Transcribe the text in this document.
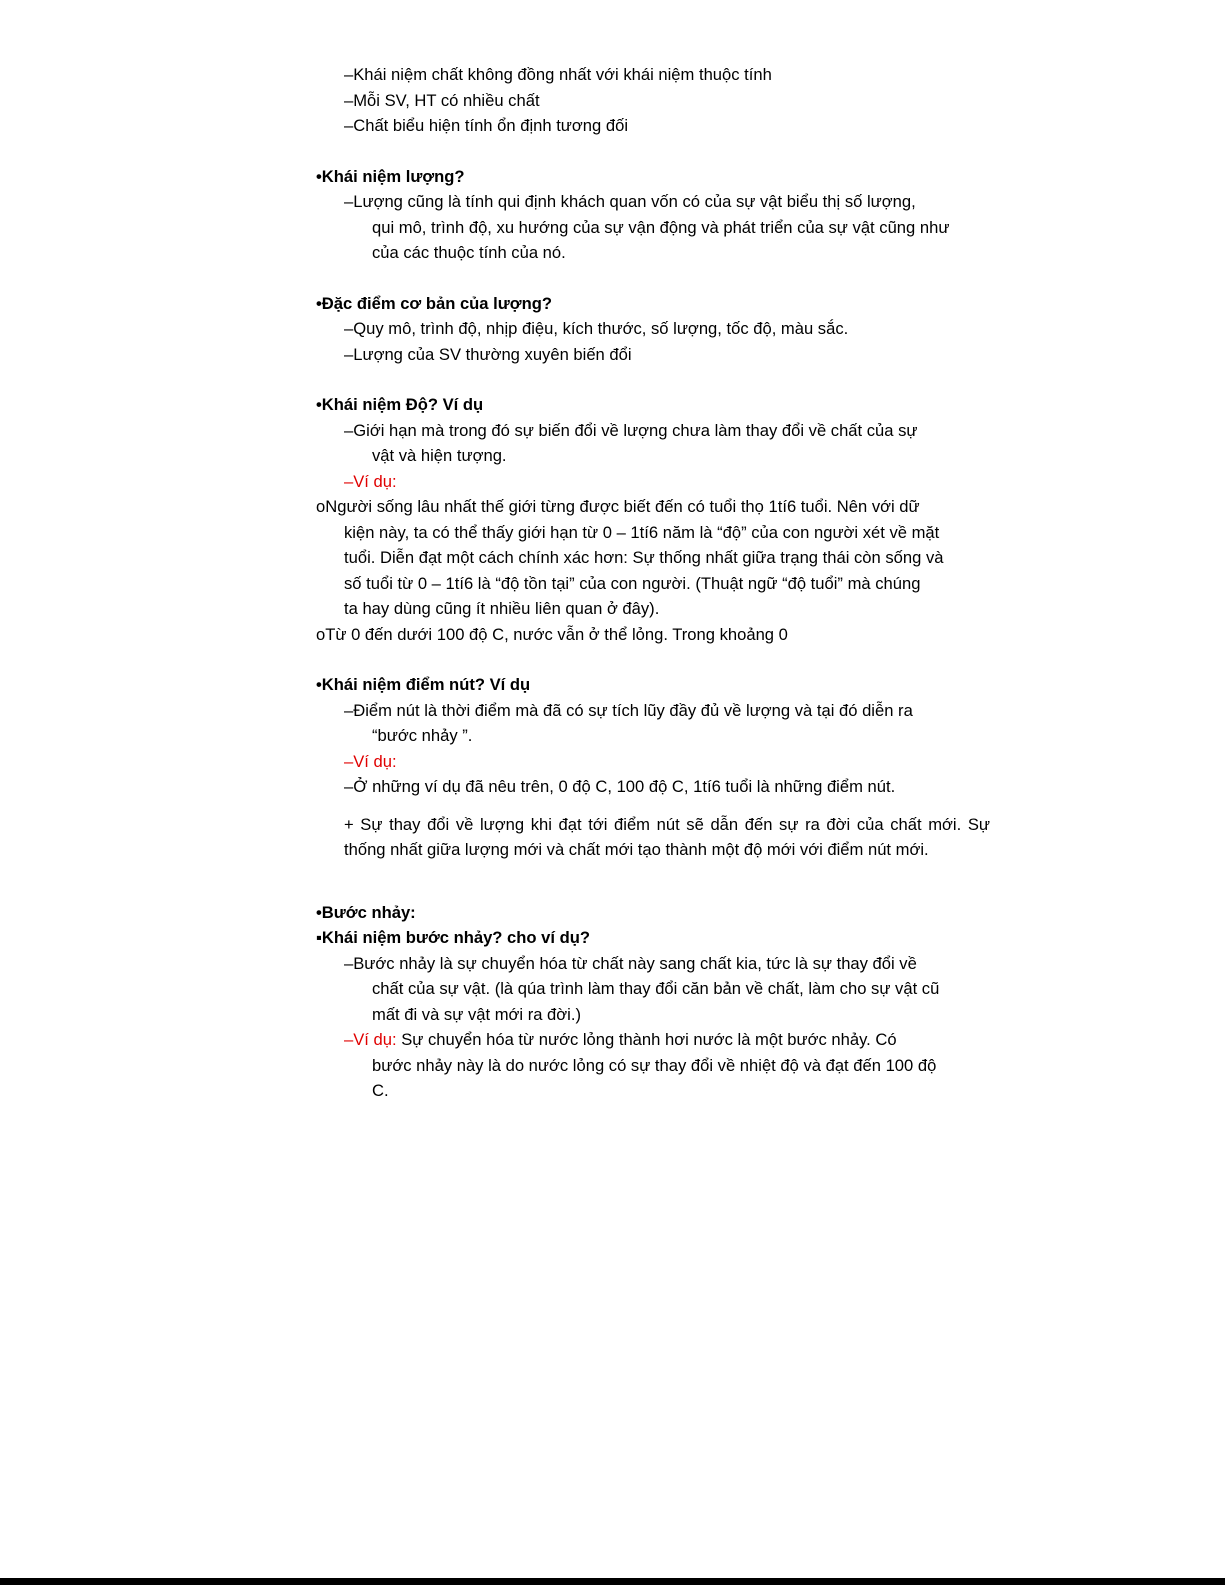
–Khái niệm chất không đồng nhất với khái niệm thuộc tính
–Mỗi SV, HT có nhiều chất
–Chất biểu hiện tính ổn định tương đối
•Khái niệm lượng?
–Lượng cũng là tính qui định khách quan vốn có của sự vật biểu thị số lượng,
qui mô, trình độ, xu hướng của sự vận động và phát triển của sự vật cũng như
của các thuộc tính của nó.
•Đặc điểm cơ bản của lượng?
–Quy mô, trình độ, nhịp điệu, kích thước, số lượng, tốc độ, màu sắc.
–Lượng của SV thường xuyên biến đổi
•Khái niệm Độ? Ví dụ
–Giới hạn mà trong đó sự biến đổi về lượng chưa làm thay đổi về chất của sự
vật và hiện tượng.
–Ví dụ:
oNgười sống lâu nhất thế giới từng được biết đến có tuổi thọ 1tí6 tuổi. Nên với dữ
kiện này, ta có thể thấy giới hạn từ 0 – 1tí6 năm là “độ” của con người xét về mặt
tuổi. Diễn đạt một cách chính xác hơn: Sự thống nhất giữa trạng thái còn sống và
số tuổi từ 0 – 1tí6 là “độ tồn tại” của con người. (Thuật ngữ “độ tuổi” mà chúng
ta hay dùng cũng ít nhiều liên quan ở đây).
oTừ 0 đến dưới 100 độ C, nước vẫn ở thể lỏng. Trong khoảng 0
•Khái niệm điểm nút? Ví dụ
–Điểm nút là thời điểm mà đã có sự tích lũy đầy đủ về lượng và tại đó diễn ra
“bước nhảy ”.
–Ví dụ:
–Ở những ví dụ đã nêu trên, 0 độ C, 100 độ C, 1tí6 tuổi là những điểm nút.
+ Sự thay đổi về lượng khi đạt tới điểm nút sẽ dẫn đến sự ra đời của chất mới. Sự thống nhất giữa lượng mới và chất mới tạo thành một độ mới với điểm nút mới.
•Bước nhảy:
▪Khái niệm bước nhảy? cho ví dụ?
–Bước nhảy là sự chuyển hóa từ chất này sang chất kia, tức là sự thay đổi về
chất của sự vật. (là qúa trình làm thay đổi căn bản về chất, làm cho sự vật cũ
mất đi và sự vật mới ra đời.)
–Ví dụ: Sự chuyển hóa từ nước lỏng thành hơi nước là một bước nhảy. Có
bước nhảy này là do nước lỏng có sự thay đổi về nhiệt độ và đạt đến 100 độ
C.
